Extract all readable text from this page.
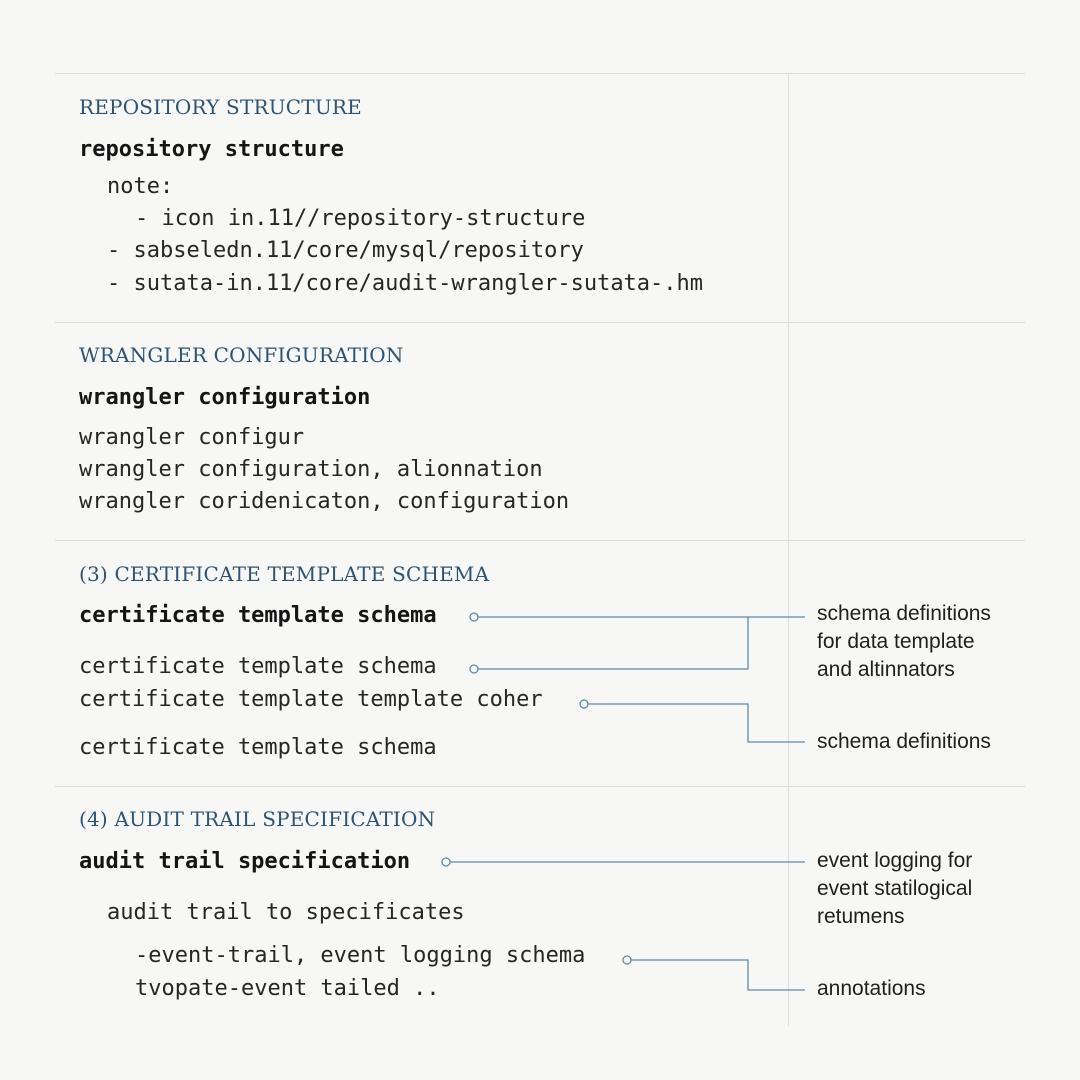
REPOSITORY STRUCTURE
repository structure
note:
- icon in.11//repository-structure
- sabseledn.11/core/mysql/repository
- sutata-in.11/core/audit-wrangler-sutata-.hm
WRANGLER CONFIGURATION
wrangler configuration
wrangler configur
wrangler configuration, alionnation
wrangler coridenicaton, configuration
(3) CERTIFICATE TEMPLATE SCHEMA
certificate template schema
certificate template schema
certificate template template coher
certificate template schema
(4) AUDIT TRAIL SPECIFICATION
audit trail specification
audit trail to specificates
-event-trail, event logging schema
tvopate-event tailed ..
schema definitions
for data template
and altinnators
schema definitions
event logging for
event statilogical
retumens
annotations
